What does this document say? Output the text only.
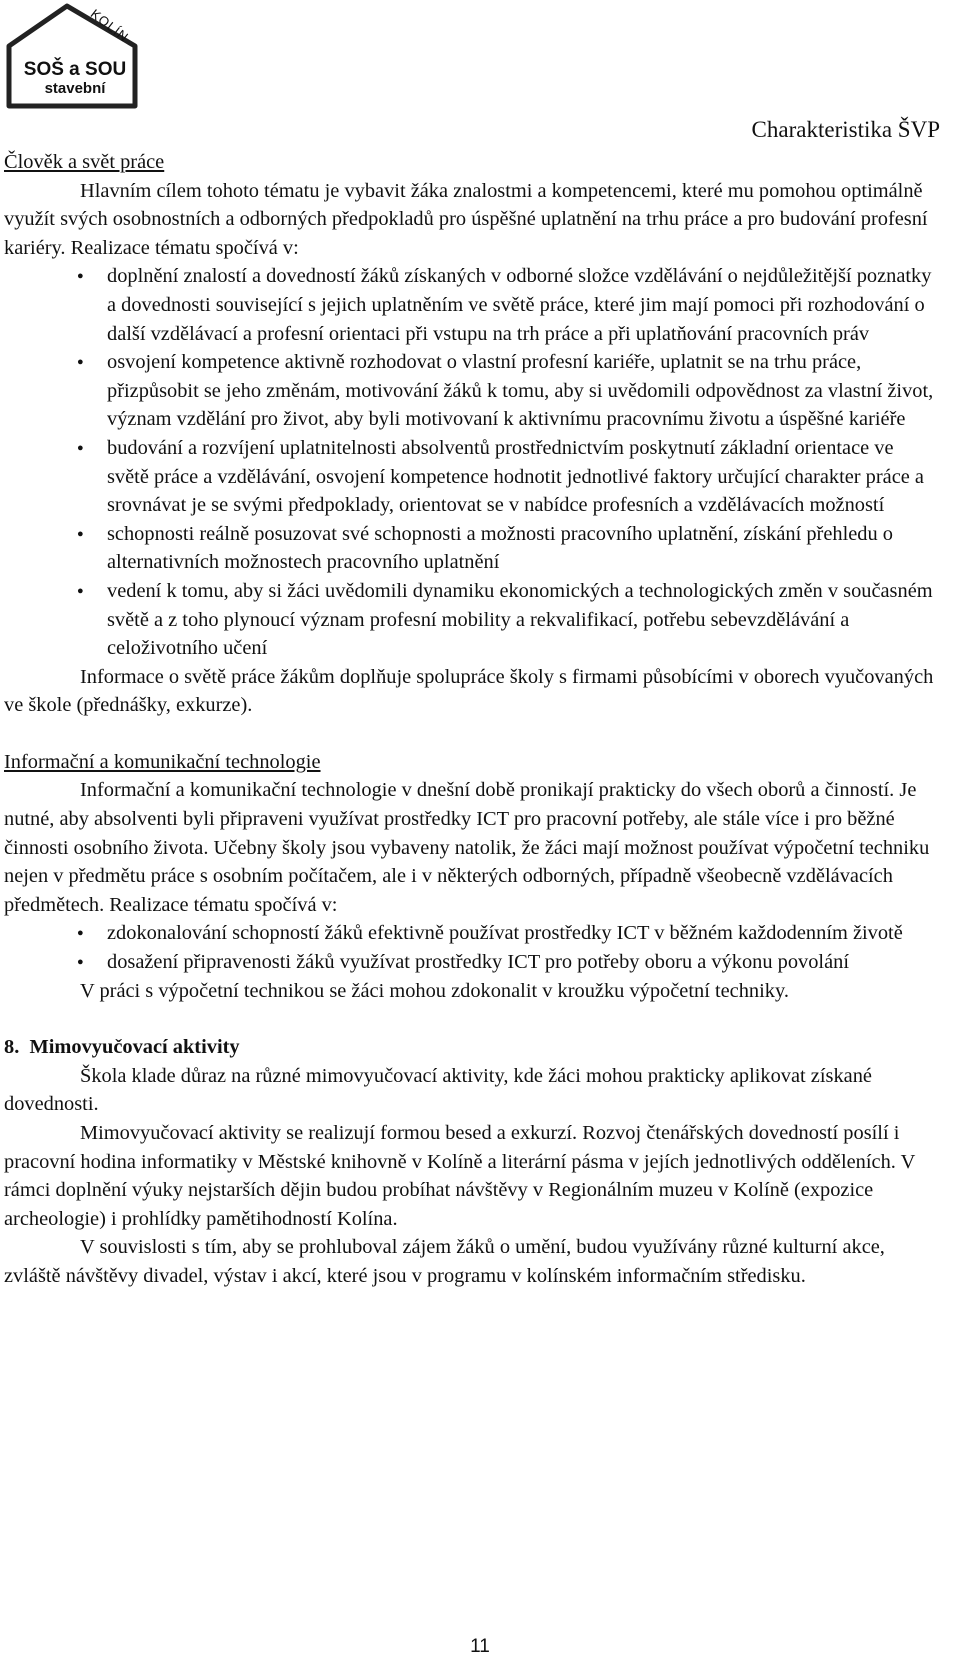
KOLÍN
SOŠ a SOU
stavební
Charakteristika ŠVP
Člověk a svět práce

Hlavním cílem tohoto tématu je vybavit žáka znalostmi a kompetencemi, které mu pomohou optimálně využít svých osobnostních a odborných předpokladů pro úspěšné uplatnění na trhu práce a pro budování profesní kariéry. Realizace tématu spočívá v:

● doplnění znalostí a dovedností žáků získaných v odborné složce vzdělávání o nejdůležitější poznatky a dovednosti související s jejich uplatněním ve světě práce, které jim mají pomoci při rozhodování o další vzdělávací a profesní orientaci při vstupu na trh práce a při uplatňování pracovních práv
● osvojení kompetence aktivně rozhodovat o vlastní profesní kariéře, uplatnit se na trhu práce, přizpůsobit se jeho změnám, motivování žáků k tomu, aby si uvědomili odpovědnost za vlastní život, význam vzdělání pro život, aby byli motivovaní k aktivnímu pracovnímu životu a úspěšné kariéře
● budování a rozvíjení uplatnitelnosti absolventů prostřednictvím poskytnutí základní orientace ve světě práce a vzdělávání, osvojení kompetence hodnotit jednotlivé faktory určující charakter práce a srovnávat je se svými předpoklady, orientovat se v nabídce profesních a vzdělávacích možností
● schopnosti reálně posuzovat své schopnosti a možnosti pracovního uplatnění, získání přehledu o alternativních možnostech pracovního uplatnění
● vedení k tomu, aby si žáci uvědomili dynamiku ekonomických a technologických změn v současném světě a z toho plynoucí význam profesní mobility a rekvalifikací, potřebu sebevzdělávání a celoživotního učení

Informace o světě práce žákům doplňuje spolupráce školy s firmami působícími v oborech vyučovaných ve škole (přednášky, exkurze).

Informační a komunikační technologie

Informační a komunikační technologie v dnešní době pronikají prakticky do všech oborů a činností. Je nutné, aby absolventi byli připraveni využívat prostředky ICT pro pracovní potřeby, ale stále více i pro běžné činnosti osobního života. Učebny školy jsou vybaveny natolik, že žáci mají možnost používat výpočetní techniku nejen v předmětu práce s osobním počítačem, ale i v některých odborných, případně všeobecně vzdělávacích předmětech. Realizace tématu spočívá v:

● zdokonalování schopností žáků efektivně používat prostředky ICT v běžném každodenním životě
● dosažení připravenosti žáků využívat prostředky ICT pro potřeby oboru a výkonu povolání

V práci s výpočetní technikou se žáci mohou zdokonalit v kroužku výpočetní techniky.

8. Mimovyučovací aktivity

Škola klade důraz na různé mimovyučovací aktivity, kde žáci mohou prakticky aplikovat získané dovednosti.

Mimovyučovací aktivity se realizují formou besed a exkurzí. Rozvoj čtenářských dovedností posílí i pracovní hodina informatiky v Městské knihovně v Kolíně a literární pásma v jejích jednotlivých odděleních. V rámci doplnění výuky nejstarších dějin budou probíhat návštěvy v Regionálním muzeu v Kolíně (expozice archeologie) i prohlídky pamětihodností Kolína.

V souvislosti s tím, aby se prohluboval zájem žáků o umění, budou využívány různé kulturní akce, zvláště návštěvy divadel, výstav i akcí, které jsou v programu v kolínském informačním středisku.

11
